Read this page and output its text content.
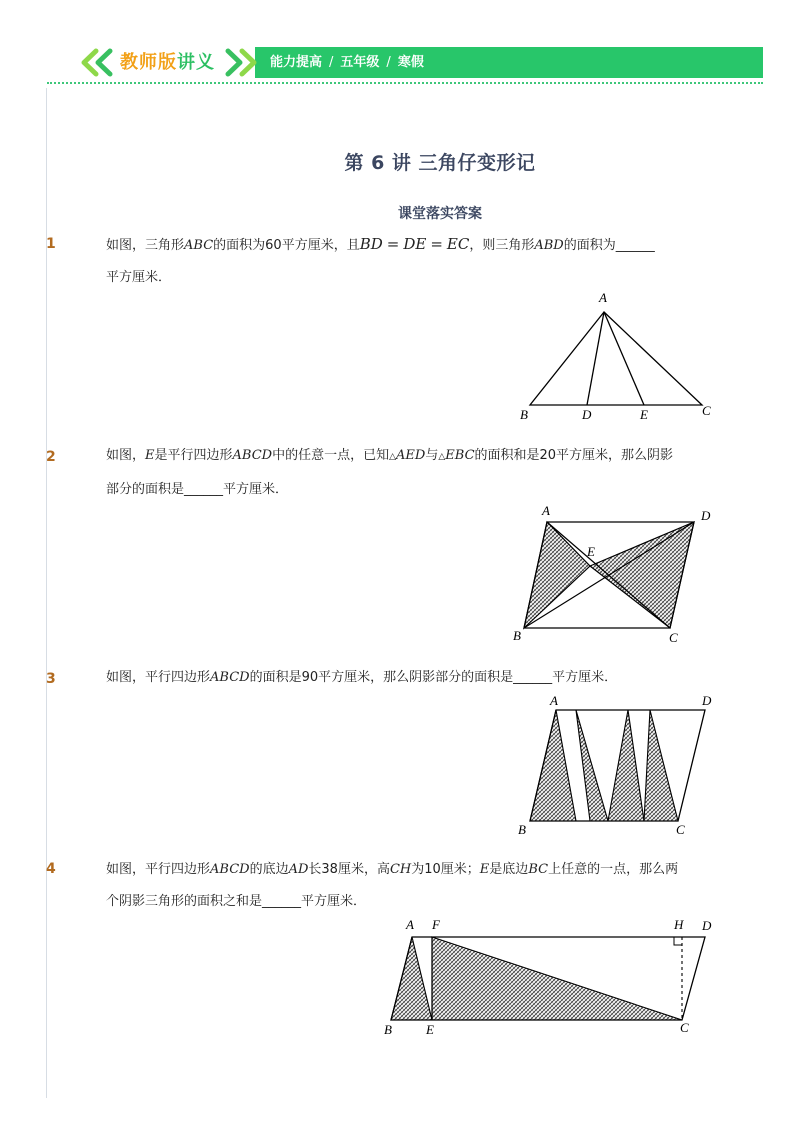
教师版讲义	能力提高 / 五年级 / 寒假
第 6 讲 三角仔变形记
课堂落实答案
1	如图，三角形ABC的面积为60平方厘米，且BD = DE = EC，则三角形ABD的面积为______
平方厘米．
A
B	D	E	C
2	如图，E是平行四边形ABCD中的任意一点，已知△AED与△EBC的面积和是20平方厘米，那么阴影
部分的面积是______平方厘米．
A	D
E
B	C
3	如图，平行四边形ABCD的面积是90平方厘米，那么阴影部分的面积是______平方厘米．
A	D
B	C
4	如图，平行四边形ABCD的底边AD长38厘米，高CH为10厘米；E是底边BC上任意的一点，那么两
个阴影三角形的面积之和是______平方厘米．
A F	H D
B	E	C
